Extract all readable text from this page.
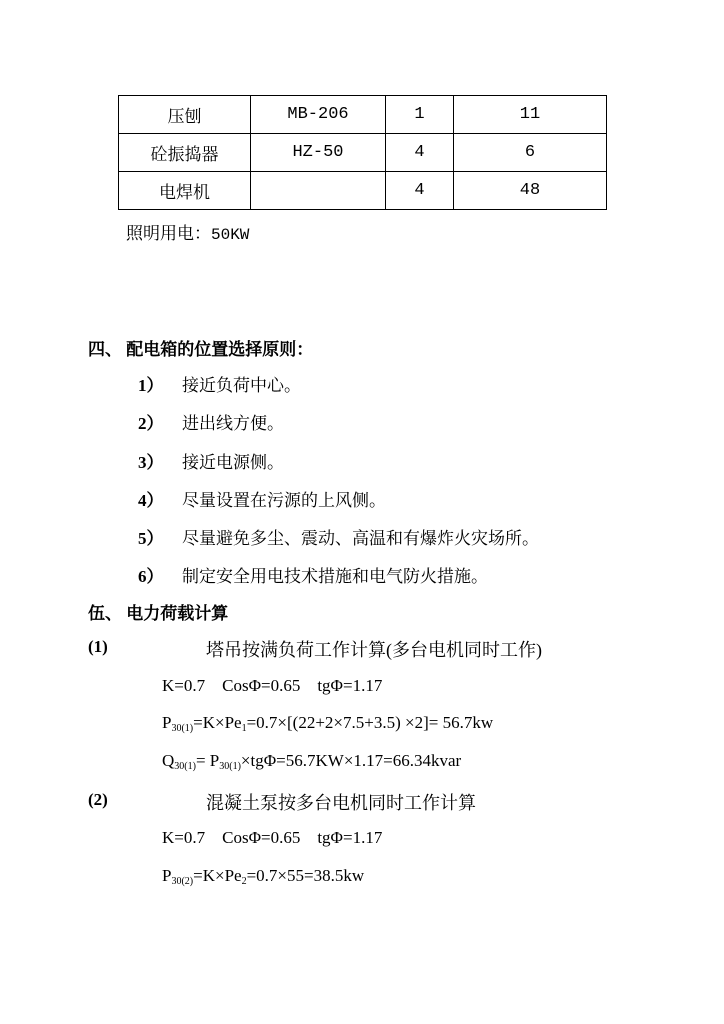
压刨	MB-206	1	11
砼振捣器	HZ-50	4	6
电焊机		4	48
照明用电：50KW
四、 配电箱的位置选择原则：
1） 接近负荷中心。
2） 进出线方便。
3） 接近电源侧。
4） 尽量设置在污源的上风侧。
5） 尽量避免多尘、震动、高温和有爆炸火灾场所。
6） 制定安全用电技术措施和电气防火措施。
伍、 电力荷载计算
(1)	塔吊按满负荷工作计算(多台电机同时工作)
K=0.7    CosΦ=0.65    tgΦ=1.17
$P_{30(1)}=K\times Pe_1=0.7\times[(22+2\times 7.5+3.5) \times 2]= 56.7kw$
$Q_{30(1)}=$ $P_{30(1)}\times tg\Phi=56.7KW\times 1.17=66.34kvar$
(2)	混凝土泵按多台电机同时工作计算
K=0.7    CosΦ=0.65    tgΦ=1.17
$P_{30(2)}=K\times Pe_2=0.7\times 55=38.5kw$
